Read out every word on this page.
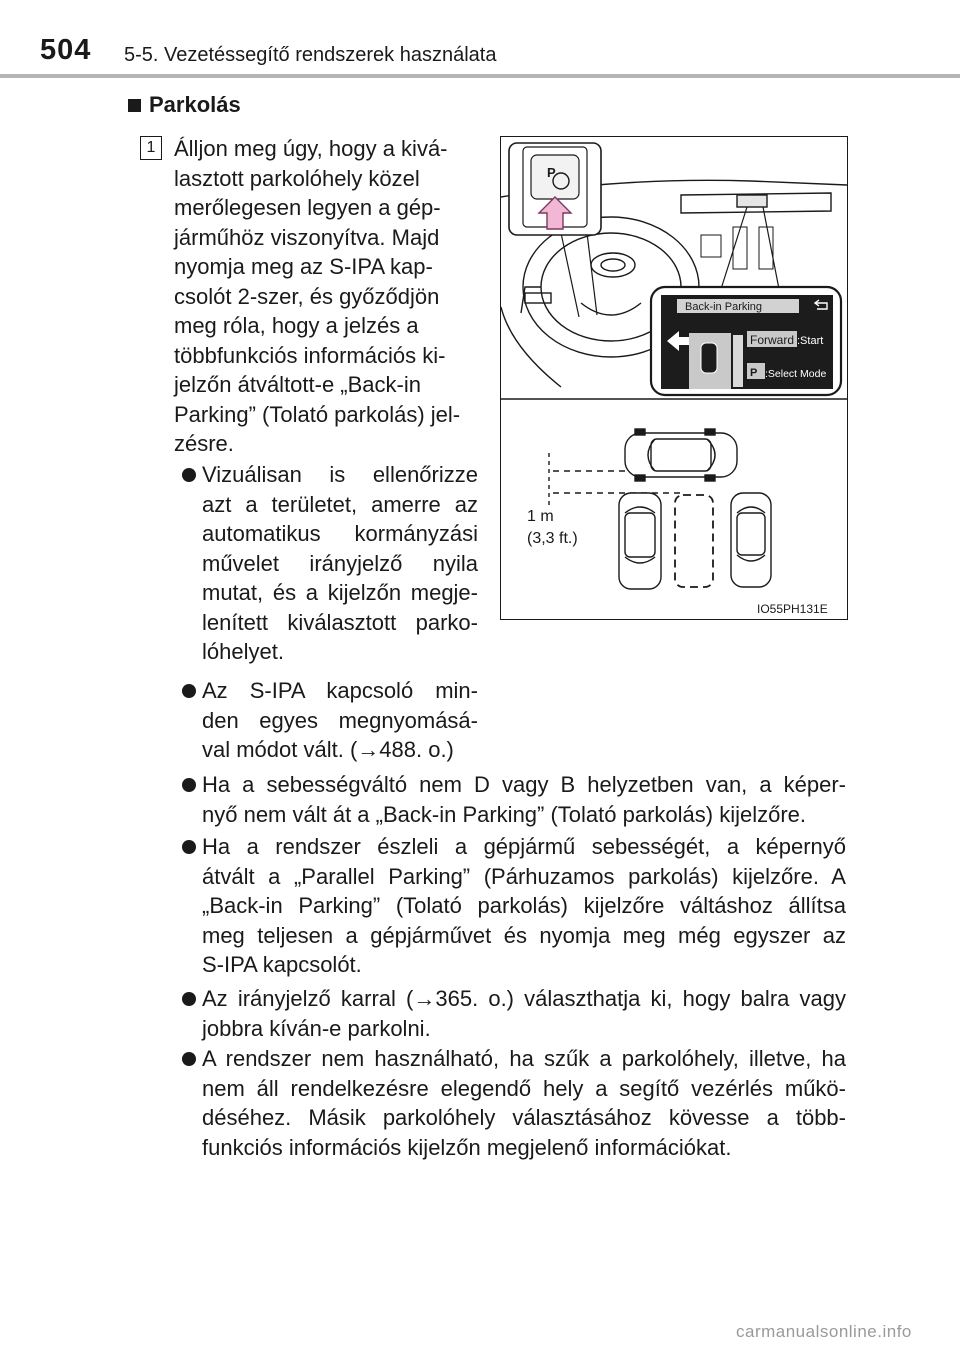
504 5-5. Vezetéssegítő rendszerek használata
Parkolás
1 Álljon meg úgy, hogy a kivá-
lasztott parkolóhely közel
merőlegesen legyen a gép-
járműhöz viszonyítva. Majd
nyomja meg az S-IPA kap-
csolót 2-szer, és győződjön
meg róla, hogy a jelzés a
többfunkciós információs ki-
jelzőn átváltott-e „Back-in
Parking” (Tolató parkolás) jel-
zésre.
Vizuálisan is ellenőrizze
azt a területet, amerre az
automatikus kormányzási
művelet irányjelző nyila
mutat, és a kijelzőn megje-
lenített kiválasztott parko-
lóhelyet.
Az S-IPA kapcsoló min-
den egyes megnyomásá-
val módot vált. (→488. o.)
Ha a sebességváltó nem D vagy B helyzetben van, a képer-
nyő nem vált át a „Back-in Parking” (Tolató parkolás) kijelzőre.
Ha a rendszer észleli a gépjármű sebességét, a képernyő
átvált a „Parallel Parking” (Párhuzamos parkolás) kijelzőre. A
„Back-in Parking” (Tolató parkolás) kijelzőre váltáshoz állítsa
meg teljesen a gépjárművet és nyomja meg még egyszer az
S-IPA kapcsolót.
Az irányjelző karral (→365. o.) választhatja ki, hogy balra vagy
jobbra kíván-e parkolni.
A rendszer nem használható, ha szűk a parkolóhely, illetve, ha
nem áll rendelkezésre elegendő hely a segítő vezérlés műkö-
déséhez. Másik parkolóhely választásához kövesse a több-
funkciós információs kijelzőn megjelenő információkat.
P
Back-in Parking
Forward :Start
P :Select Mode
1 m
(3,3 ft.)
IO55PH131E
carmanualsonline.info
